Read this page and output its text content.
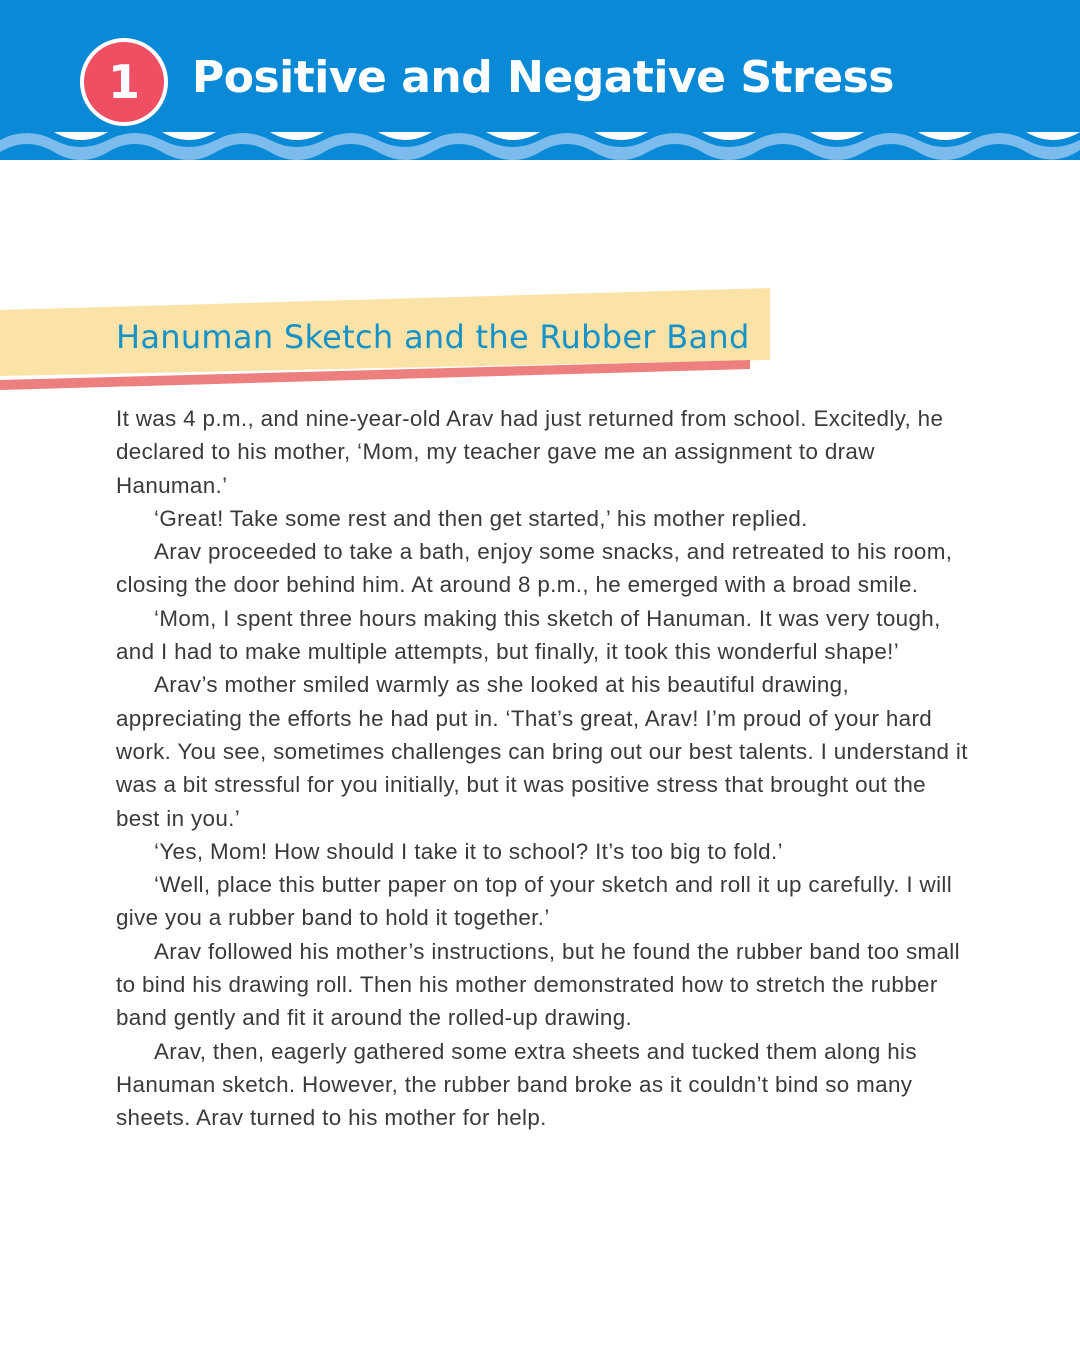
1	Positive and Negative Stress
Hanuman Sketch and the Rubber Band

It was 4 p.m., and nine-year-old Arav had just returned from school. Excitedly, he declared to his mother, ‘Mom, my teacher gave me an assignment to draw Hanuman.’

‘Great! Take some rest and then get started,’ his mother replied.

Arav proceeded to take a bath, enjoy some snacks, and retreated to his room, closing the door behind him. At around 8 p.m., he emerged with a broad smile.

‘Mom, I spent three hours making this sketch of Hanuman. It was very tough, and I had to make multiple attempts, but finally, it took this wonderful shape!’

Arav’s mother smiled warmly as she looked at his beautiful drawing, appreciating the efforts he had put in. ‘That’s great, Arav! I’m proud of your hard work. You see, sometimes challenges can bring out our best talents. I understand it was a bit stressful for you initially, but it was positive stress that brought out the best in you.’

‘Yes, Mom! How should I take it to school? It’s too big to fold.’

‘Well, place this butter paper on top of your sketch and roll it up carefully. I will give you a rubber band to hold it together.’

Arav followed his mother’s instructions, but he found the rubber band too small to bind his drawing roll. Then his mother demonstrated how to stretch the rubber band gently and fit it around the rolled-up drawing.

Arav, then, eagerly gathered some extra sheets and tucked them along his Hanuman sketch. However, the rubber band broke as it couldn’t bind so many sheets. Arav turned to his mother for help.
